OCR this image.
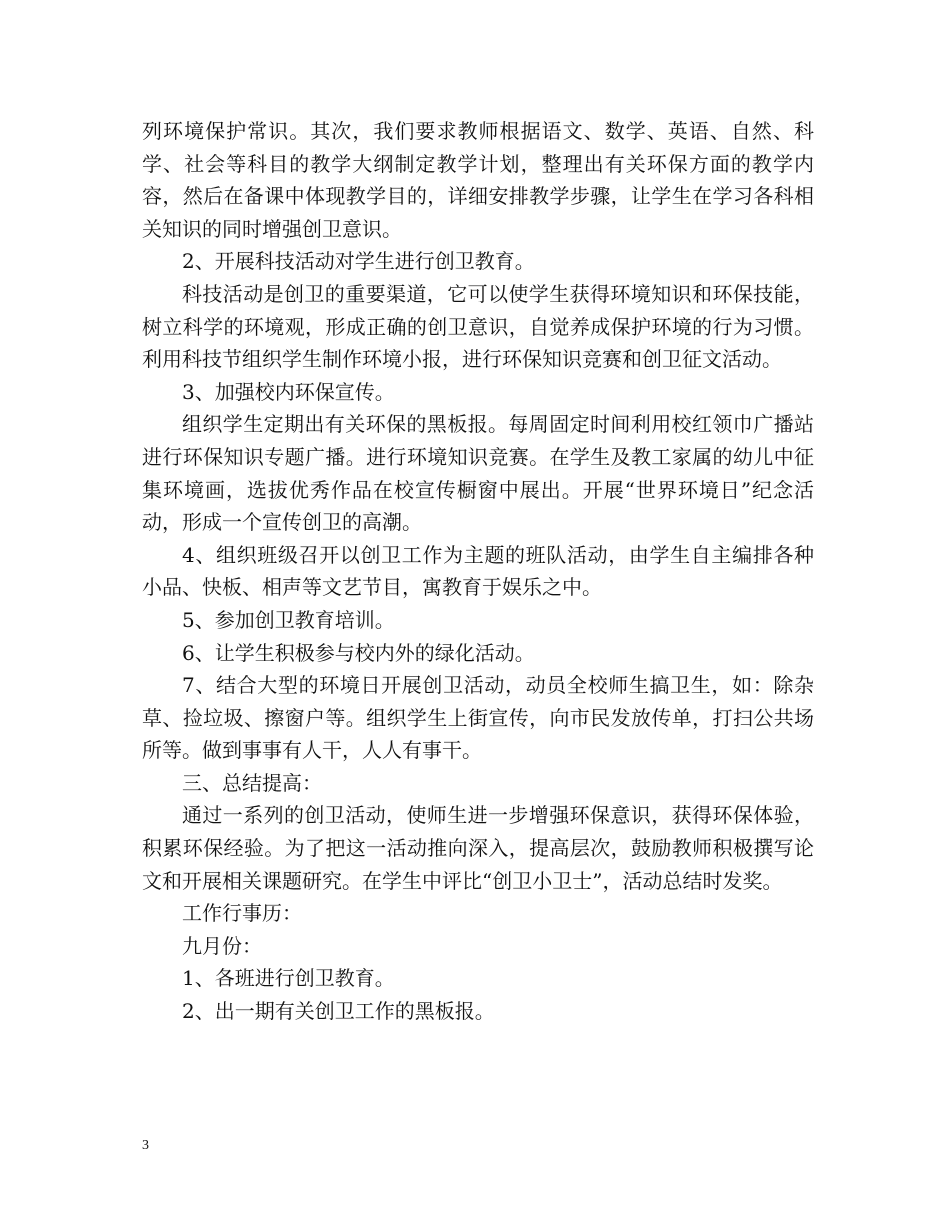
列环境保护常识。其次，我们要求教师根据语文、数学、英语、自然、科学、社会等科目的教学大纲制定教学计划，整理出有关环保方面的教学内容，然后在备课中体现教学目的，详细安排教学步骤，让学生在学习各科相关知识的同时增强创卫意识。

2、开展科技活动对学生进行创卫教育。

科技活动是创卫的重要渠道，它可以使学生获得环境知识和环保技能，树立科学的环境观，形成正确的创卫意识，自觉养成保护环境的行为习惯。利用科技节组织学生制作环境小报，进行环保知识竞赛和创卫征文活动。

3、加强校内环保宣传。

组织学生定期出有关环保的黑板报。每周固定时间利用校红领巾广播站进行环保知识专题广播。进行环境知识竞赛。在学生及教工家属的幼儿中征集环境画，选拔优秀作品在校宣传橱窗中展出。开展“世界环境日”纪念活动，形成一个宣传创卫的高潮。

4、组织班级召开以创卫工作为主题的班队活动，由学生自主编排各种小品、快板、相声等文艺节目，寓教育于娱乐之中。

5、参加创卫教育培训。

6、让学生积极参与校内外的绿化活动。

7、结合大型的环境日开展创卫活动，动员全校师生搞卫生，如：除杂草、捡垃圾、擦窗户等。组织学生上街宣传，向市民发放传单，打扫公共场所等。做到事事有人干，人人有事干。

三、总结提高：

通过一系列的创卫活动，使师生进一步增强环保意识，获得环保体验，积累环保经验。为了把这一活动推向深入，提高层次，鼓励教师积极撰写论文和开展相关课题研究。在学生中评比“创卫小卫士”，活动总结时发奖。

工作行事历：

九月份：

1、各班进行创卫教育。

2、出一期有关创卫工作的黑板报。

3
